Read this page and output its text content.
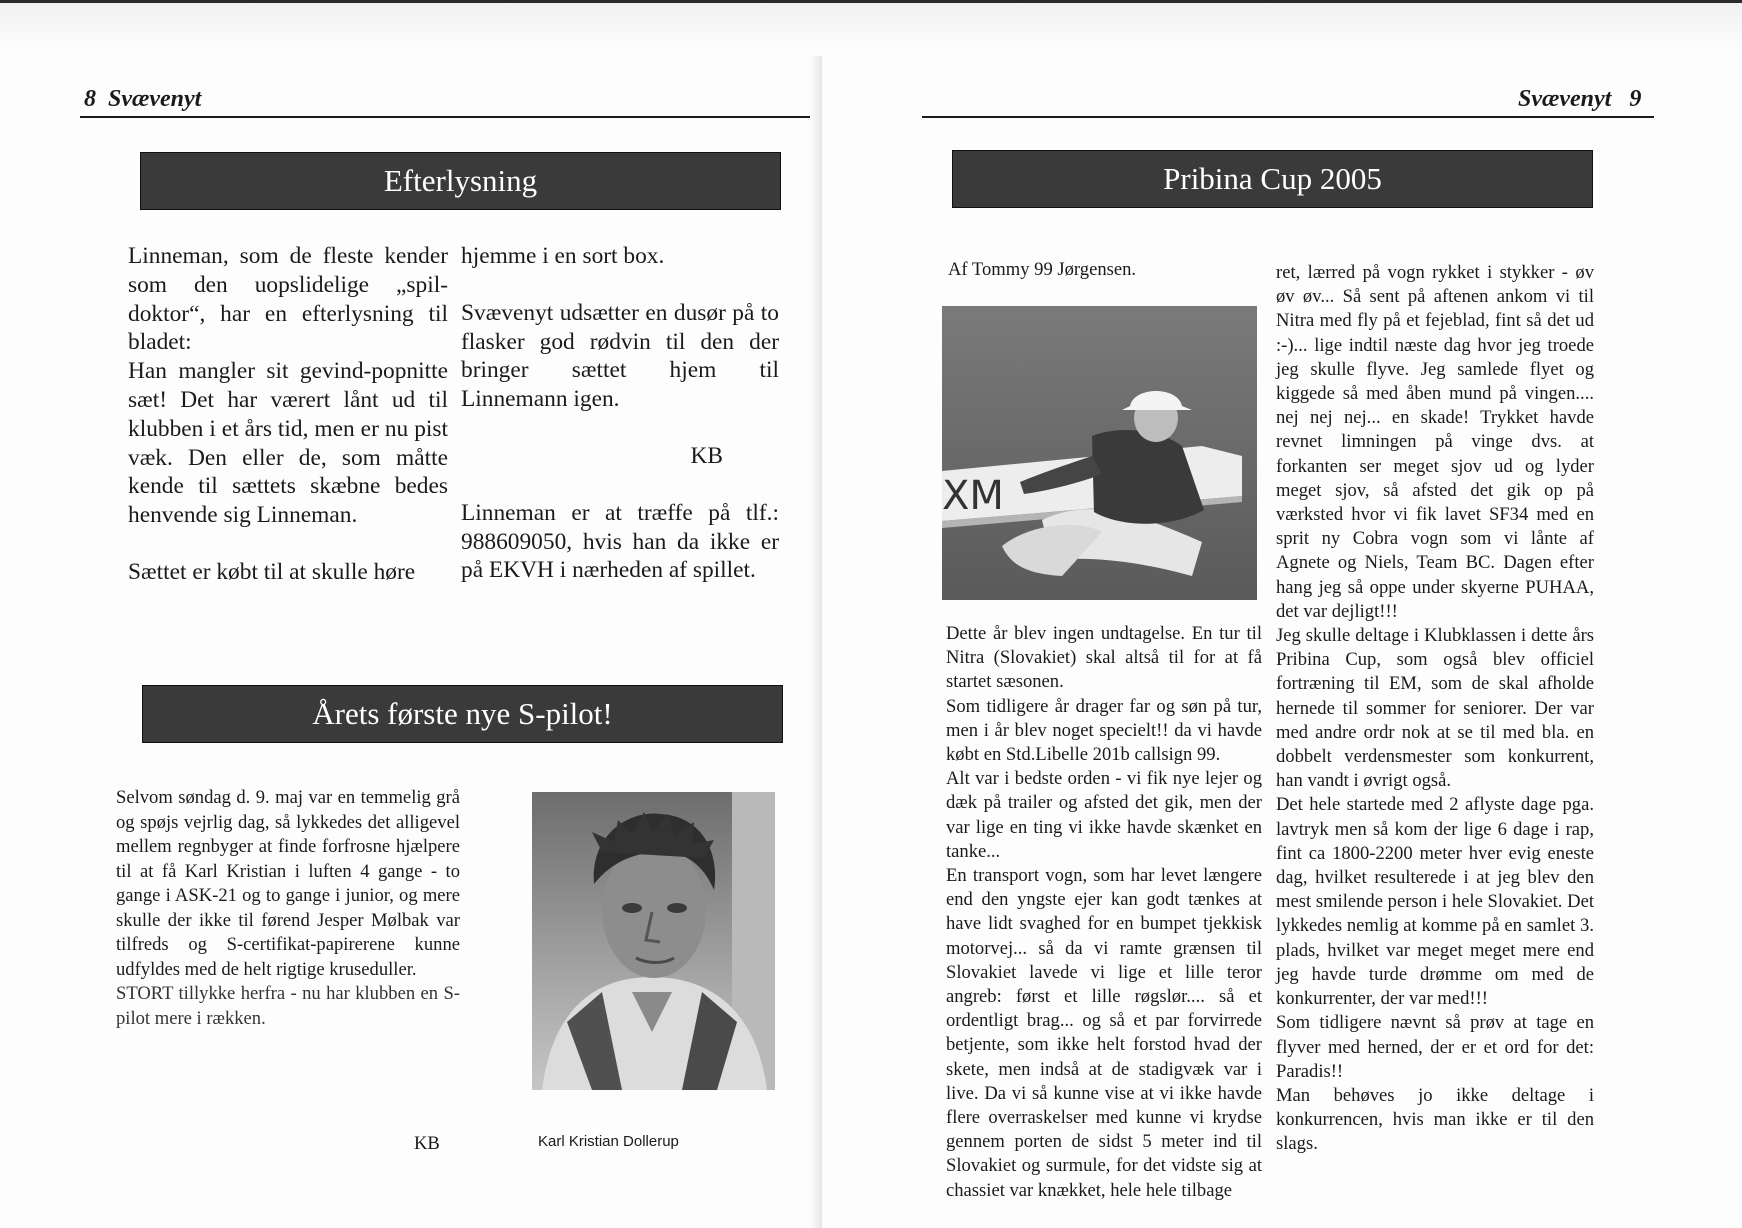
8 Svævenyt
Efterlysning

Linneman, som de fleste kender som den uopslidelige „spil-doktor“, har en efterlysning til bladet:

Han mangler sit gevind-popnitte sæt! Det har værert lånt ud til klubben i et års tid, men er nu pist væk. Den eller de, som måtte kende til sættets skæbne bedes henvende sig Linneman.

Sættet er købt til at skulle høre

hjemme i en sort box.

Svævenyt udsætter en dusør på to flasker god rødvin til den der bringer sættet hjem til Linnemann igen.

KB

Linneman er at træffe på tlf.: 988609050, hvis han da ikke er på EKVH i nærheden af spillet.

Årets første nye S-pilot!

Selvom søndag d. 9. maj var en temmelig grå og spøjs vejrlig dag, så lykkedes det alligevel mellem regnbyger at finde forfrosne hjælpere til at få Karl Kristian i luften 4 gange - to gange i ASK-21 og to gange i junior, og mere skulle der ikke til førend Jesper Mølbak var tilfreds og S-certifikat-papirerene kunne udfyldes med de helt rigtige kruseduller.

STORT tillykke herfra - nu har klubben en S-pilot mere i rækken.

KB	Karl Kristian Dollerup
Svævenyt 9
Pribina Cup 2005
Af Tommy 99 Jørgensen.
XM

Dette år blev ingen undtagelse. En tur til Nitra (Slovakiet) skal altså til for at få startet sæsonen.

Som tidligere år drager far og søn på tur, men i år blev noget specielt!! da vi havde købt en Std.Libelle 201b callsign 99.

Alt var i bedste orden - vi fik nye lejer og dæk på trailer og afsted det gik, men der var lige en ting vi ikke havde skænket en tanke...

En transport vogn, som har levet længere end den yngste ejer kan godt tænkes at have lidt svaghed for en bumpet tjekkisk motorvej... så da vi ramte grænsen til Slovakiet lavede vi lige et lille teror angreb: først et lille røgslør.... så et ordentligt brag... og så et par forvirrede betjente, som ikke helt forstod hvad der skete, men indså at de stadigvæk var i live. Da vi så kunne vise at vi ikke havde flere overraskelser med kunne vi krydse gennem porten de sidst 5 meter ind til Slovakiet og surmule, for det vidste sig at chassiet var knækket, hele hele tilbage

ret, lærred på vogn rykket i stykker - øv øv øv... Så sent på aftenen ankom vi til Nitra med fly på et fejeblad, fint så det ud :-)... lige indtil næste dag hvor jeg troede jeg skulle flyve. Jeg samlede flyet og kiggede så med åben mund på vingen.... nej nej nej... en skade! Trykket havde revnet limningen på vinge dvs. at forkanten ser meget sjov ud og lyder meget sjov, så afsted det gik op på værksted hvor vi fik lavet SF34 med en sprit ny Cobra vogn som vi lånte af Agnete og Niels, Team BC. Dagen efter hang jeg så oppe under skyerne PUHAA, det var dejligt!!!

Jeg skulle deltage i Klubklassen i dette års Pribina Cup, som også blev officiel fortræning til EM, som de skal afholde hernede til sommer for seniorer. Der var med andre ordr nok at se til med bla. en dobbelt verdensmester som konkurrent, han vandt i øvrigt også.

Det hele startede med 2 aflyste dage pga. lavtryk men så kom der lige 6 dage i rap, fint ca 1800-2200 meter hver evig eneste dag, hvilket resulterede i at jeg blev den mest smilende person i hele Slovakiet. Det lykkedes nemlig at komme på en samlet 3. plads, hvilket var meget meget mere end jeg havde turde drømme om med de konkurrenter, der var med!!!

Som tidligere nævnt så prøv at tage en flyver med herned, der er et ord for det: Paradis!!

Man behøves jo ikke deltage i konkurrencen, hvis man ikke er til den slags.
